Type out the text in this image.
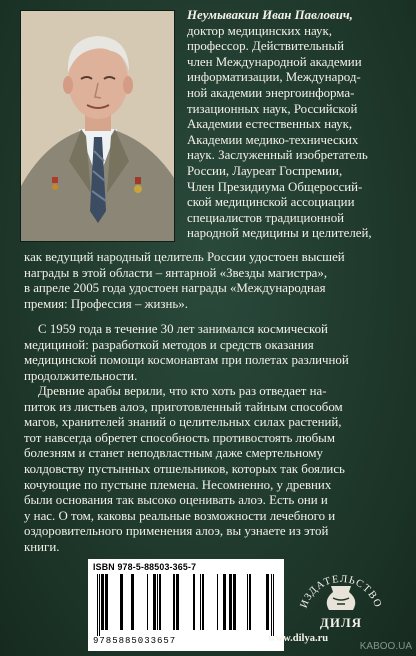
Неумывакин Иван Павлович,
доктор медицинских наук,
профессор. Действительный
член Международной академии
информатизации, Международ-
ной академии энергоинформа-
тизационных наук, Российской
Академии естественных наук,
Академии медико-технических
наук. Заслуженный изобретатель
России, Лауреат Госпремии,
Член Президиума Общероссий-
ской медицинской ассоциации
специалистов традиционной
народной медицины и целителей,
как ведущий народный целитель России удостоен высшей
награды в этой области – янтарной «Звезды магистра»,
в апреле 2005 года удостоен награды «Международная
премия: Профессия – жизнь».
С 1959 года в течение 30 лет занимался космической
медициной: разработкой методов и средств оказания
медицинской помощи космонавтам при полетах различной
продолжительности.
Древние арабы верили, что кто хоть раз отведает на-
питок из листьев алоэ, приготовленный тайным способом
магов, хранителей знаний о целительных силах растений,
тот навсегда обретет способность противостоять любым
болезням и станет неподвластным даже смертельному
колдовству пустынных отшельников, которых так боялись
кочующие по пустыне племена. Несомненно, у древних
были основания так высоко оценивать алоэ. Есть они и
у нас. О том, каковы реальные возможности лечебного и
оздоровительного применения алоэ, вы узнаете из этой
книги.
ISBN 978-5-88503-365-7
9785885033657
ИЗДАТЕЛЬСТВО
ДИЛЯ
www.dilya.ru
KABOO.UA
